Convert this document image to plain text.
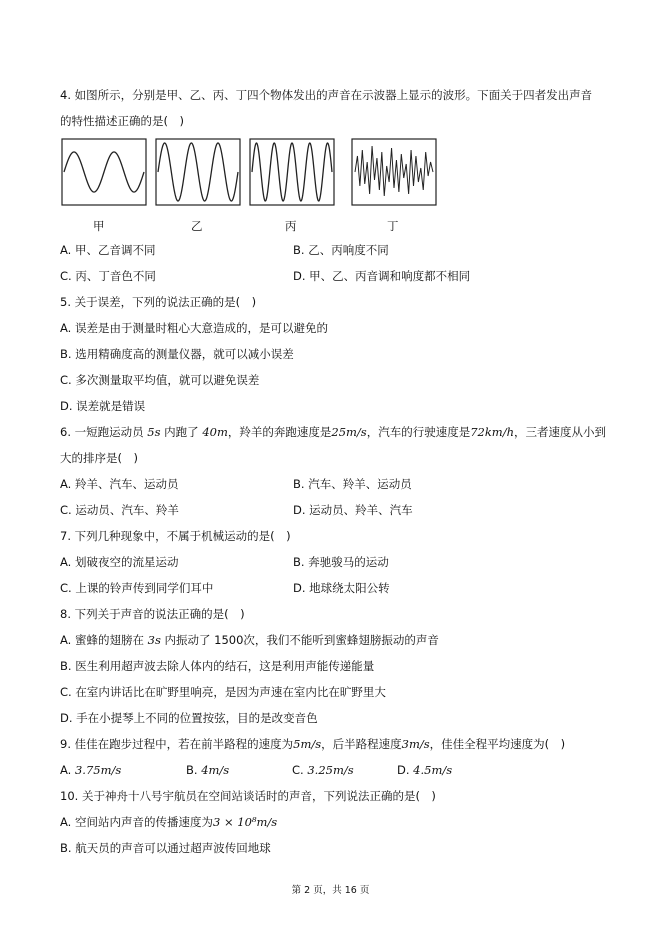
4. 如图所示，分别是甲、乙、丙、丁四个物体发出的声音在示波器上显示的波形。下面关于四者发出声音
的特性描述正确的是(　)
甲	乙	丙	丁
A. 甲、乙音调不同	B. 乙、丙响度不同
C. 丙、丁音色不同	D. 甲、乙、丙音调和响度都不相同
5. 关于误差，下列的说法正确的是(　)
A. 误差是由于测量时粗心大意造成的，是可以避免的
B. 选用精确度高的测量仪器，就可以减小误差
C. 多次测量取平均值，就可以避免误差
D. 误差就是错误
6. 一短跑运动员 5s 内跑了 40m，羚羊的奔跑速度是25m/s，汽车的行驶速度是72km/h，三者速度从小到
大的排序是(　)
A. 羚羊、汽车、运动员	B. 汽车、羚羊、运动员
C. 运动员、汽车、羚羊	D. 运动员、羚羊、汽车
7. 下列几种现象中，不属于机械运动的是(　)
A. 划破夜空的流星运动	B. 奔驰骏马的运动
C. 上课的铃声传到同学们耳中	D. 地球绕太阳公转
8. 下列关于声音的说法正确的是(　)
A. 蜜蜂的翅膀在 3s 内振动了 1500次，我们不能听到蜜蜂翅膀振动的声音
B. 医生利用超声波去除人体内的结石，这是利用声能传递能量
C. 在室内讲话比在旷野里响亮，是因为声速在室内比在旷野里大
D. 手在小提琴上不同的位置按弦，目的是改变音色
9. 佳佳在跑步过程中，若在前半路程的速度为5m/s，后半路程速度3m/s，佳佳全程平均速度为(　)
A. 3.75m/s	B. 4m/s	C. 3.25m/s	D. 4.5m/s
10. 关于神舟十八号宇航员在空间站谈话时的声音，下列说法正确的是(　)
A. 空间站内声音的传播速度为3 × 10⁸m/s
B. 航天员的声音可以通过超声波传回地球
第 2 页，共 16 页
